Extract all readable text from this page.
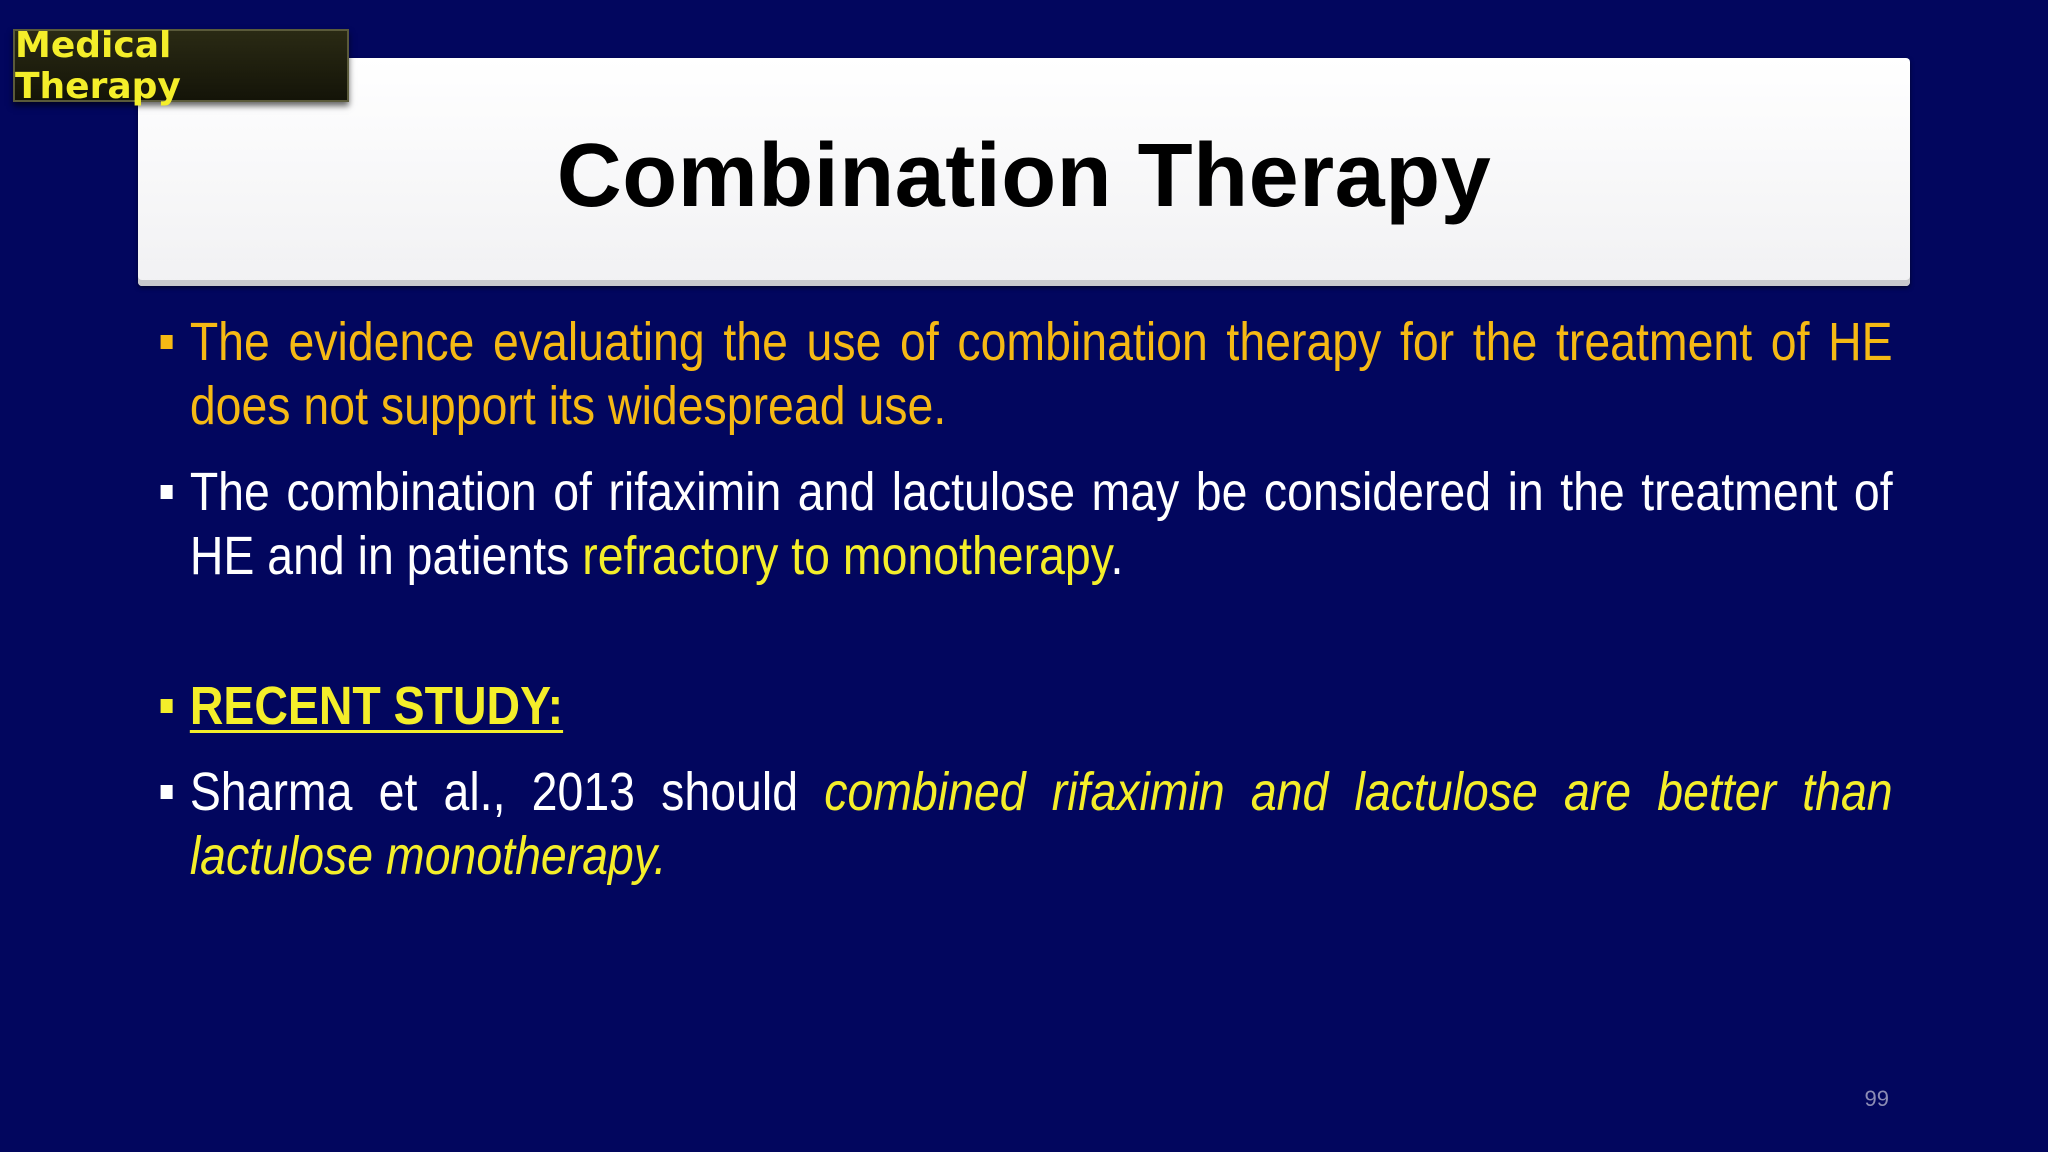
Medical Therapy
Combination Therapy
The evidence evaluating the use of combination therapy for the treatment of HE does not support its widespread use.
The combination of rifaximin and lactulose may be considered in the treatment of HE and in patients refractory to monotherapy.
RECENT STUDY:
Sharma et al., 2013 should combined rifaximin and lactulose are better than lactulose monotherapy.
99
